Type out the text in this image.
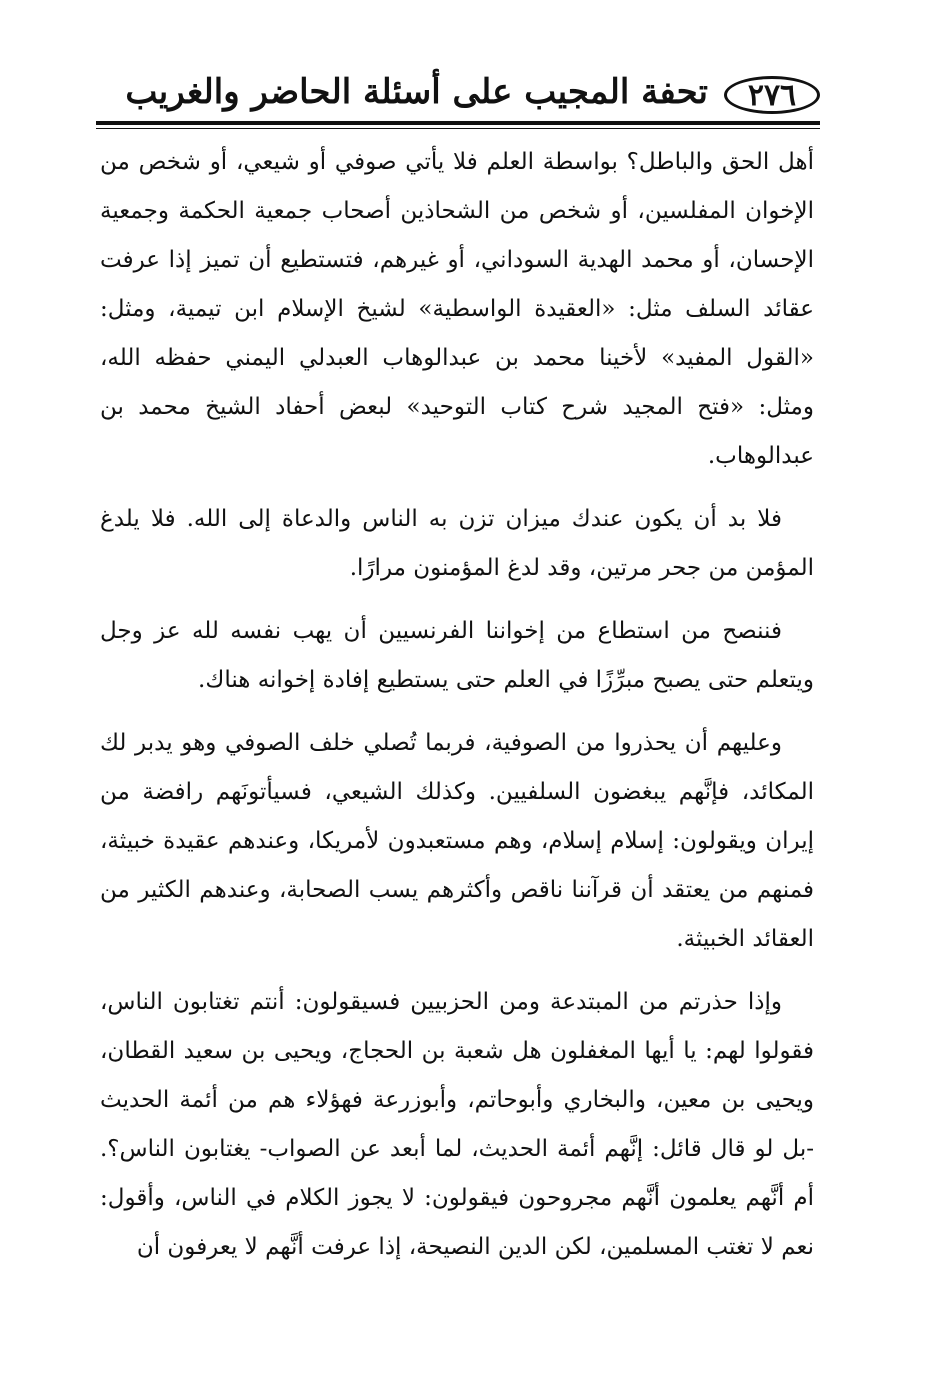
٢٧٦
تحفة المجيب على أسئلة الحاضر والغريب

أهل الحق والباطل؟ بواسطة العلم فلا يأتي صوفي أو شيعي، أو شخص من الإخوان المفلسين، أو شخص من الشحاذين أصحاب جمعية الحكمة وجمعية الإحسان، أو محمد الهدية السوداني، أو غيرهم، فتستطيع أن تميز إذا عرفت عقائد السلف مثل: «العقيدة الواسطية» لشيخ الإسلام ابن تيمية، ومثل: «القول المفيد» لأخينا محمد بن عبدالوهاب العبدلي اليمني حفظه الله، ومثل: «فتح المجيد شرح كتاب التوحيد» لبعض أحفاد الشيخ محمد بن عبدالوهاب.

فلا بد أن يكون عندك ميزان تزن به الناس والدعاة إلى الله. فلا يلدغ المؤمن من جحر مرتين، وقد لدغ المؤمنون مرارًا.

فننصح من استطاع من إخواننا الفرنسيين أن يهب نفسه لله عز وجل ويتعلم حتى يصبح مبرِّزًا في العلم حتى يستطيع إفادة إخوانه هناك.

وعليهم أن يحذروا من الصوفية، فربما تُصلي خلف الصوفي وهو يدبر لك المكائد، فإنَّهم يبغضون السلفيين. وكذلك الشيعي، فسيأتونَهم رافضة من إيران ويقولون: إسلام إسلام، وهم مستعبدون لأمريكا، وعندهم عقيدة خبيثة، فمنهم من يعتقد أن قرآننا ناقص وأكثرهم يسب الصحابة، وعندهم الكثير من العقائد الخبيثة.

وإذا حذرتم من المبتدعة ومن الحزبيين فسيقولون: أنتم تغتابون الناس، فقولوا لهم: يا أيها المغفلون هل شعبة بن الحجاج، ويحيى بن سعيد القطان، ويحيى بن معين، والبخاري وأبوحاتم، وأبوزرعة فهؤلاء هم من أئمة الحديث -بل لو قال قائل: إنَّهم أئمة الحديث، لما أبعد عن الصواب- يغتابون الناس؟. أم أنَّهم يعلمون أنَّهم مجروحون فيقولون: لا يجوز الكلام في الناس، وأقول: نعم لا تغتب المسلمين، لكن الدين النصيحة، إذا عرفت أنَّهم لا يعرفون أن
